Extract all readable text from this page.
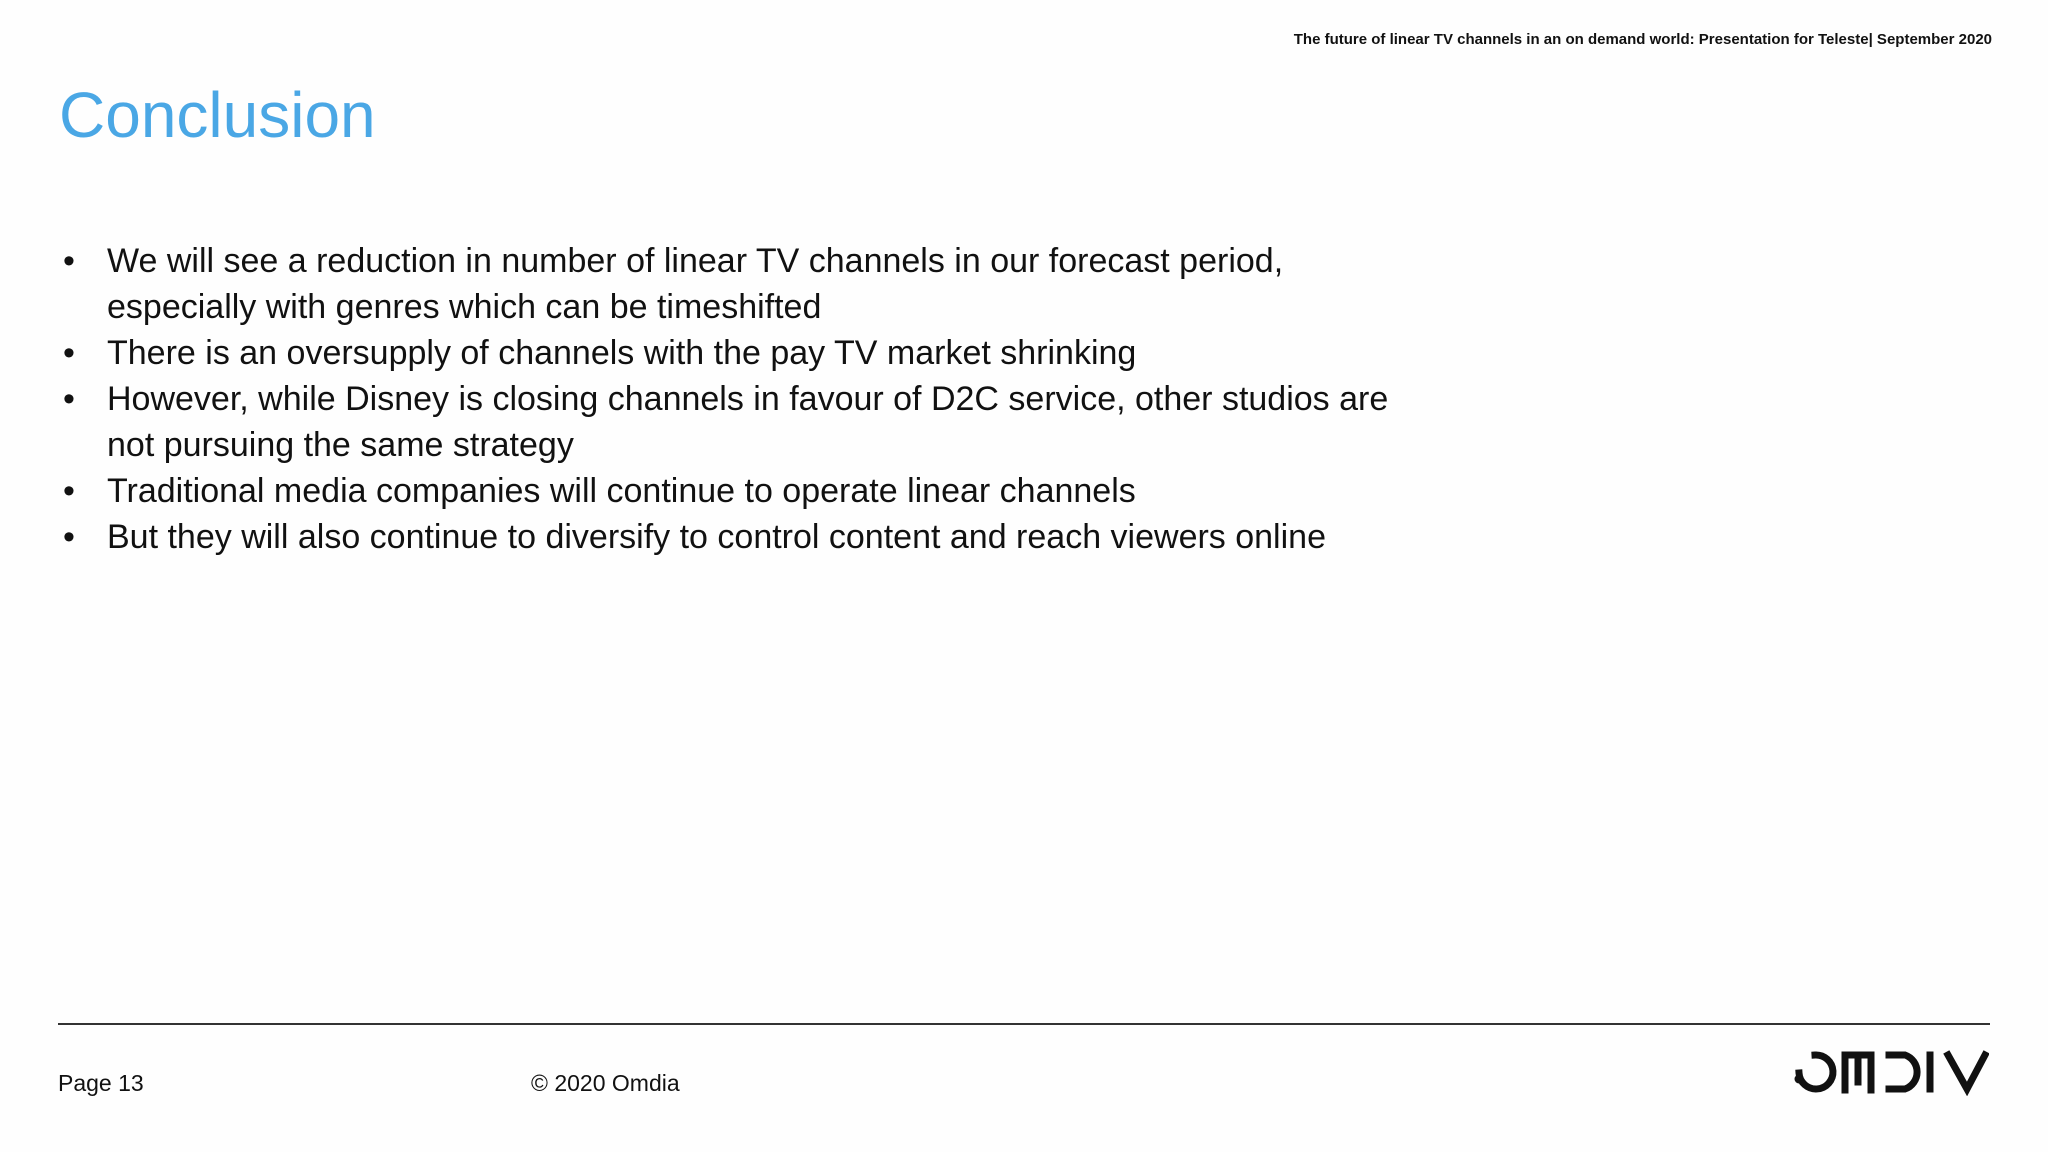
The future of linear TV channels in an on demand world: Presentation for Teleste| September 2020
Conclusion
• We will see a reduction in number of linear TV channels in our forecast period,
especially with genres which can be timeshifted
• There is an oversupply of channels with the pay TV market shrinking
• However, while Disney is closing channels in favour of D2C service, other studios are
not pursuing the same strategy
• Traditional media companies will continue to operate linear channels
• But they will also continue to diversify to control content and reach viewers online
Page 13	© 2020 Omdia
